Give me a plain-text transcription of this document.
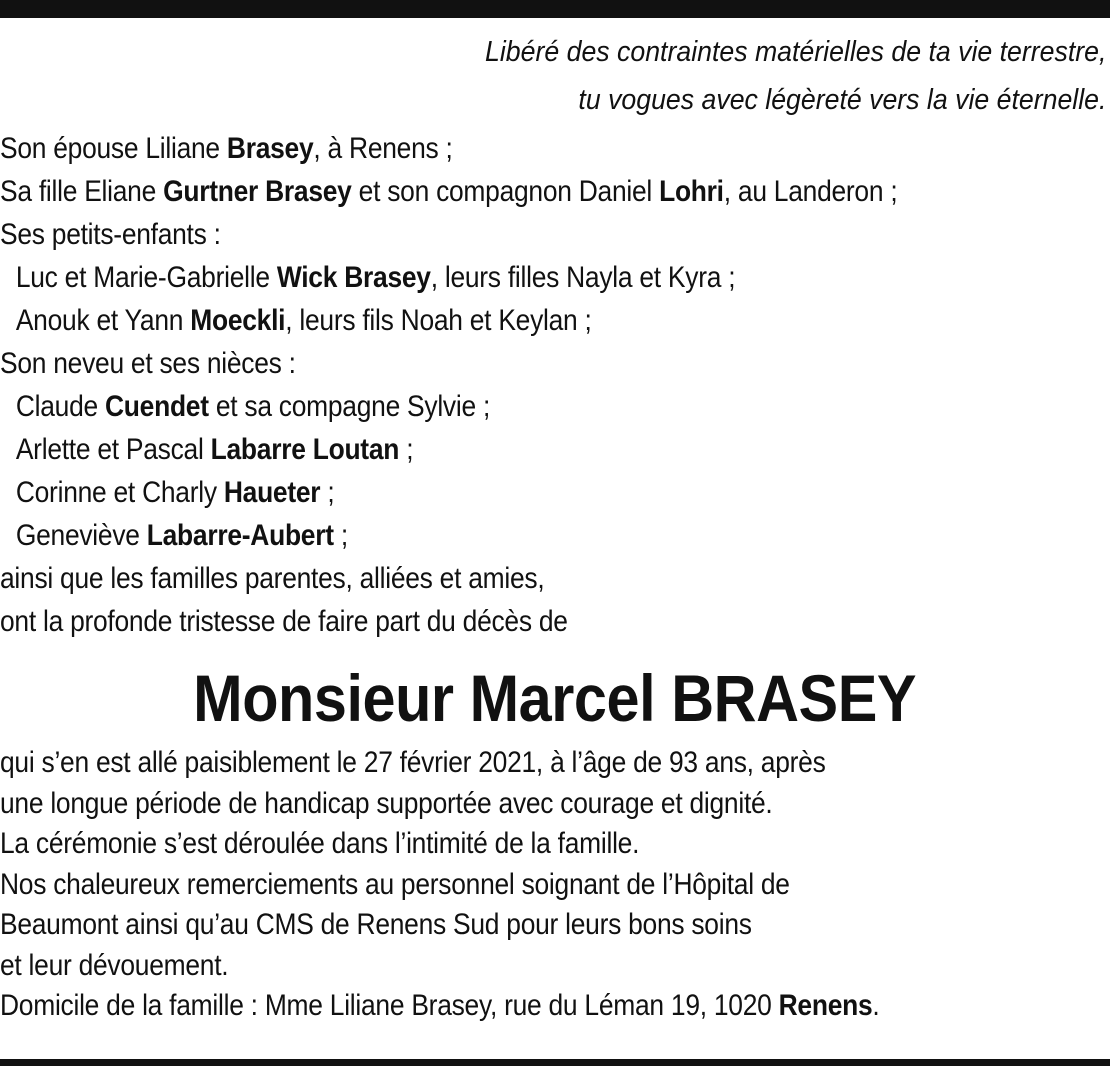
Libéré des contraintes matérielles de ta vie terrestre,
tu vogues avec légèreté vers la vie éternelle.
Son épouse Liliane Brasey, à Renens ;
Sa fille Eliane Gurtner Brasey et son compagnon Daniel Lohri, au Landeron ;
Ses petits-enfants :
Luc et Marie-Gabrielle Wick Brasey, leurs filles Nayla et Kyra ;
Anouk et Yann Moeckli, leurs fils Noah et Keylan ;
Son neveu et ses nièces :
Claude Cuendet et sa compagne Sylvie ;
Arlette et Pascal Labarre Loutan ;
Corinne et Charly Haueter ;
Geneviève Labarre-Aubert ;
ainsi que les familles parentes, alliées et amies,
ont la profonde tristesse de faire part du décès de
Monsieur Marcel BRASEY
qui s’en est allé paisiblement le 27 février 2021, à l’âge de 93 ans, après
une longue période de handicap supportée avec courage et dignité.
La cérémonie s’est déroulée dans l’intimité de la famille.
Nos chaleureux remerciements au personnel soignant de l’Hôpital de
Beaumont ainsi qu’au CMS de Renens Sud pour leurs bons soins
et leur dévouement.
Domicile de la famille : Mme Liliane Brasey, rue du Léman 19, 1020 Renens.
